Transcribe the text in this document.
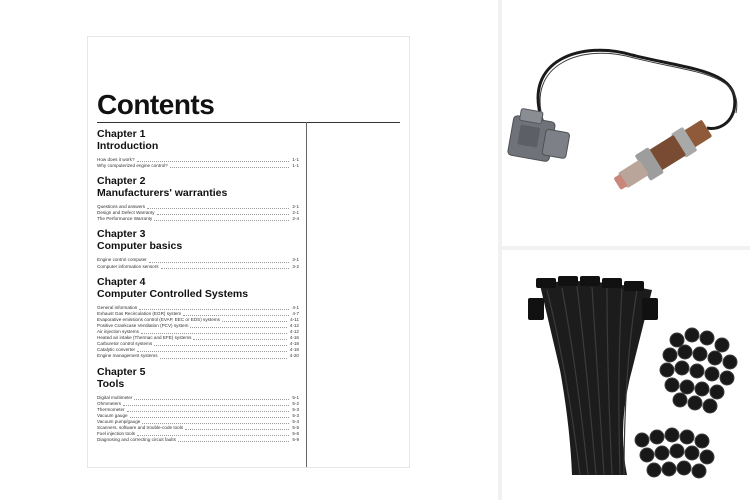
Contents
Chapter 1
Introduction
How does it work?	1-1
Why computerized engine control?	1-1
Chapter 2
Manufacturers' warranties
Questions and answers	2-1
Design and Defect Warranty	2-1
The Performance Warranty	2-4
Chapter 3
Computer basics
Engine control computer	3-1
Computer information sensors	3-2
Chapter 4
Computer Controlled Systems
General information	4-1
Exhaust Gas Recirculation (EGR) system	4-7
Evaporative emissions control (EVAP, EEC or EDS) systems	4-11
Positive Crankcase Ventilation (PCV) system	4-12
Air injection systems	4-12
Heated air intake (Thermac and EFE) systems	4-16
Carburetor control systems	4-18
Catalytic converter	4-18
Engine management systems	4-20
Chapter 5
Tools
Digital multimeter	5-1
Ohmmeters	5-2
Thermometer	5-3
Vacuum gauge	5-3
Vacuum pump/gauge	5-4
Scanners, software and trouble-code tools	5-5
Fuel injection tools	5-6
Diagnosing and correcting circuit faults	5-9
